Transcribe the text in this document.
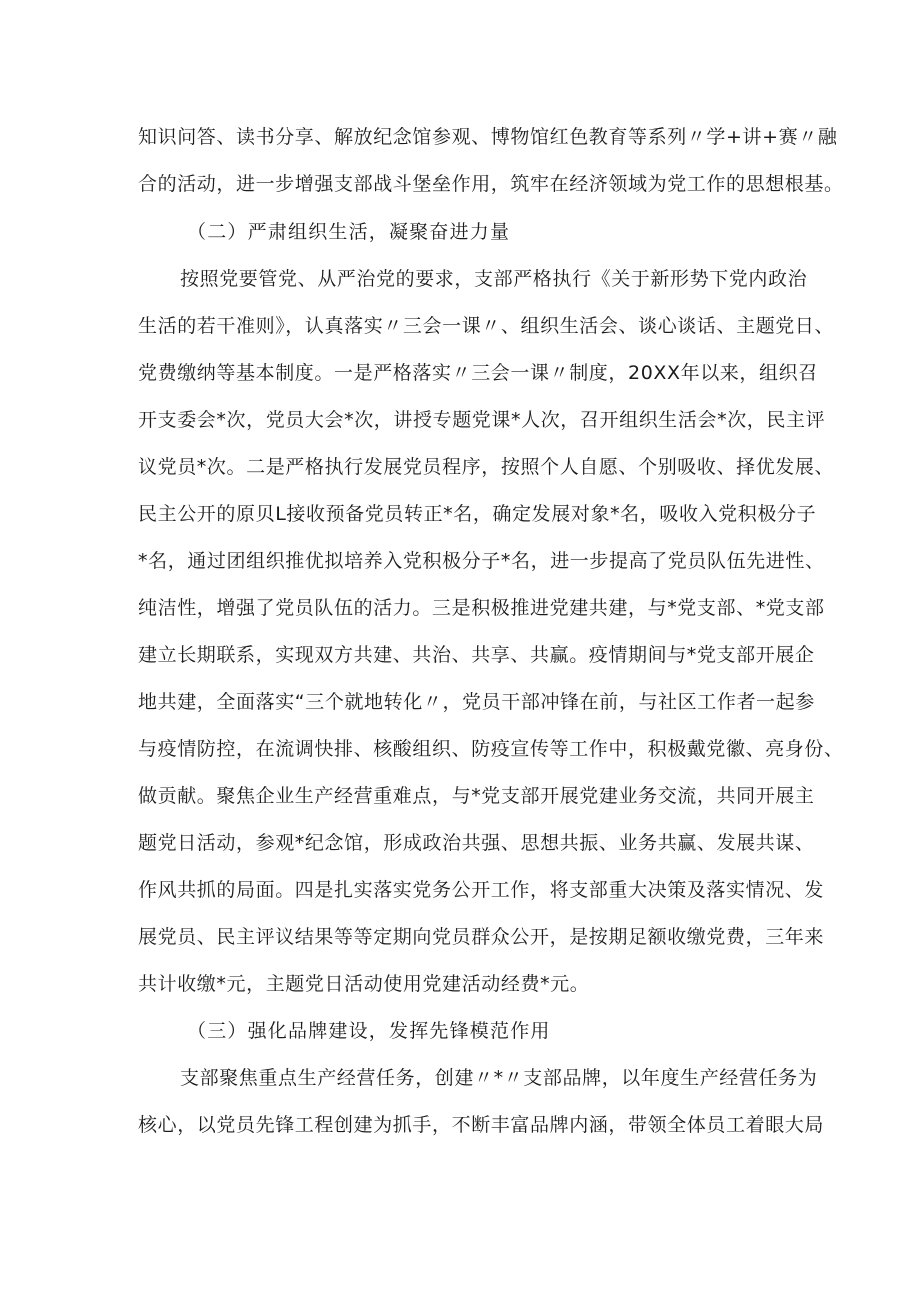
知识问答、读书分享、解放纪念馆参观、博物馆红色教育等系列〃学+讲+赛〃融

合的活动，进一步增强支部战斗堡垒作用，筑牢在经济领域为党工作的思想根基。

（二）严肃组织生活，凝聚奋进力量

按照党要管党、从严治党的要求，支部严格执行《关于新形势下党内政治

生活的若干准则》，认真落实〃三会一课〃、组织生活会、谈心谈话、主题党日、

党费缴纳等基本制度。一是严格落实〃三会一课〃制度，20XX年以来，组织召

开支委会*次，党员大会*次，讲授专题党课*人次，召开组织生活会*次，民主评

议党员*次。二是严格执行发展党员程序，按照个人自愿、个别吸收、择优发展、

民主公开的原贝L接收预备党员转正*名，确定发展对象*名，吸收入党积极分子

*名，通过团组织推优拟培养入党积极分子*名，进一步提高了党员队伍先进性、

纯洁性，增强了党员队伍的活力。三是积极推进党建共建，与*党支部、*党支部

建立长期联系，实现双方共建、共治、共享、共赢。疫情期间与*党支部开展企

地共建，全面落实“三个就地转化〃，党员干部冲锋在前，与社区工作者一起参

与疫情防控，在流调快排、核酸组织、防疫宣传等工作中，积极戴党徽、亮身份、

做贡献。聚焦企业生产经营重难点，与*党支部开展党建业务交流，共同开展主

题党日活动，参观*纪念馆，形成政治共强、思想共振、业务共赢、发展共谋、

作风共抓的局面。四是扎实落实党务公开工作，将支部重大决策及落实情况、发

展党员、民主评议结果等等定期向党员群众公开，是按期足额收缴党费，三年来

共计收缴*元，主题党日活动使用党建活动经费*元。

（三）强化品牌建设，发挥先锋模范作用

支部聚焦重点生产经营任务，创建〃*〃支部品牌，以年度生产经营任务为

核心，以党员先锋工程创建为抓手，不断丰富品牌内涵，带领全体员工着眼大局
